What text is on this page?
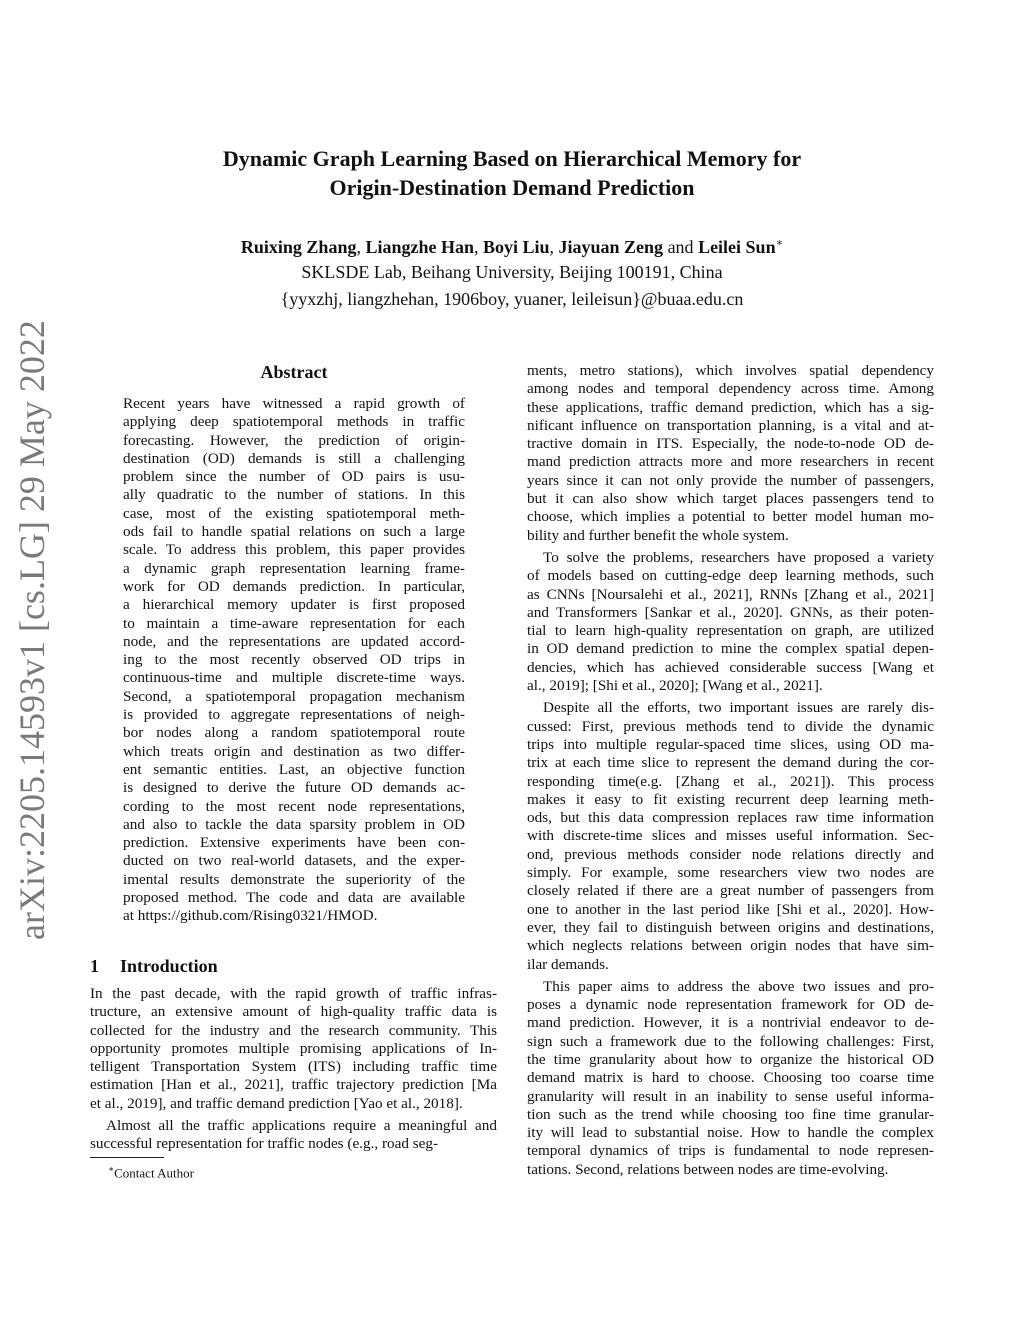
arXiv:2205.14593v1 [cs.LG] 29 May 2022
Dynamic Graph Learning Based on Hierarchical Memory for
Origin-Destination Demand Prediction
Ruixing Zhang, Liangzhe Han, Boyi Liu, Jiayuan Zeng and Leilei Sun∗
SKLSDE Lab, Beihang University, Beijing 100191, China
{yyxzhj, liangzhehan, 1906boy, yuaner, leileisun}@buaa.edu.cn
Abstract
Recent years have witnessed a rapid growth of
applying deep spatiotemporal methods in traffic
forecasting. However, the prediction of origin-
destination (OD) demands is still a challenging
problem since the number of OD pairs is usu-
ally quadratic to the number of stations. In this
case, most of the existing spatiotemporal meth-
ods fail to handle spatial relations on such a large
scale. To address this problem, this paper provides
a dynamic graph representation learning frame-
work for OD demands prediction. In particular,
a hierarchical memory updater is first proposed
to maintain a time-aware representation for each
node, and the representations are updated accord-
ing to the most recently observed OD trips in
continuous-time and multiple discrete-time ways.
Second, a spatiotemporal propagation mechanism
is provided to aggregate representations of neigh-
bor nodes along a random spatiotemporal route
which treats origin and destination as two differ-
ent semantic entities. Last, an objective function
is designed to derive the future OD demands ac-
cording to the most recent node representations,
and also to tackle the data sparsity problem in OD
prediction. Extensive experiments have been con-
ducted on two real-world datasets, and the exper-
imental results demonstrate the superiority of the
proposed method. The code and data are available
at https://github.com/Rising0321/HMOD.
1 Introduction
In the past decade, with the rapid growth of traffic infras-
tructure, an extensive amount of high-quality traffic data is
collected for the industry and the research community. This
opportunity promotes multiple promising applications of In-
telligent Transportation System (ITS) including traffic time
estimation [Han et al., 2021], traffic trajectory prediction [Ma
et al., 2019], and traffic demand prediction [Yao et al., 2018].
Almost all the traffic applications require a meaningful and
successful representation for traffic nodes (e.g., road seg-
∗Contact Author
ments, metro stations), which involves spatial dependency
among nodes and temporal dependency across time. Among
these applications, traffic demand prediction, which has a sig-
nificant influence on transportation planning, is a vital and at-
tractive domain in ITS. Especially, the node-to-node OD de-
mand prediction attracts more and more researchers in recent
years since it can not only provide the number of passengers,
but it can also show which target places passengers tend to
choose, which implies a potential to better model human mo-
bility and further benefit the whole system.
To solve the problems, researchers have proposed a variety
of models based on cutting-edge deep learning methods, such
as CNNs [Noursalehi et al., 2021], RNNs [Zhang et al., 2021]
and Transformers [Sankar et al., 2020]. GNNs, as their poten-
tial to learn high-quality representation on graph, are utilized
in OD demand prediction to mine the complex spatial depen-
dencies, which has achieved considerable success [Wang et
al., 2019]; [Shi et al., 2020]; [Wang et al., 2021].
Despite all the efforts, two important issues are rarely dis-
cussed: First, previous methods tend to divide the dynamic
trips into multiple regular-spaced time slices, using OD ma-
trix at each time slice to represent the demand during the cor-
responding time(e.g. [Zhang et al., 2021]). This process
makes it easy to fit existing recurrent deep learning meth-
ods, but this data compression replaces raw time information
with discrete-time slices and misses useful information. Sec-
ond, previous methods consider node relations directly and
simply. For example, some researchers view two nodes are
closely related if there are a great number of passengers from
one to another in the last period like [Shi et al., 2020]. How-
ever, they fail to distinguish between origins and destinations,
which neglects relations between origin nodes that have sim-
ilar demands.
This paper aims to address the above two issues and pro-
poses a dynamic node representation framework for OD de-
mand prediction. However, it is a nontrivial endeavor to de-
sign such a framework due to the following challenges: First,
the time granularity about how to organize the historical OD
demand matrix is hard to choose. Choosing too coarse time
granularity will result in an inability to sense useful informa-
tion such as the trend while choosing too fine time granular-
ity will lead to substantial noise. How to handle the complex
temporal dynamics of trips is fundamental to node represen-
tations. Second, relations between nodes are time-evolving.
